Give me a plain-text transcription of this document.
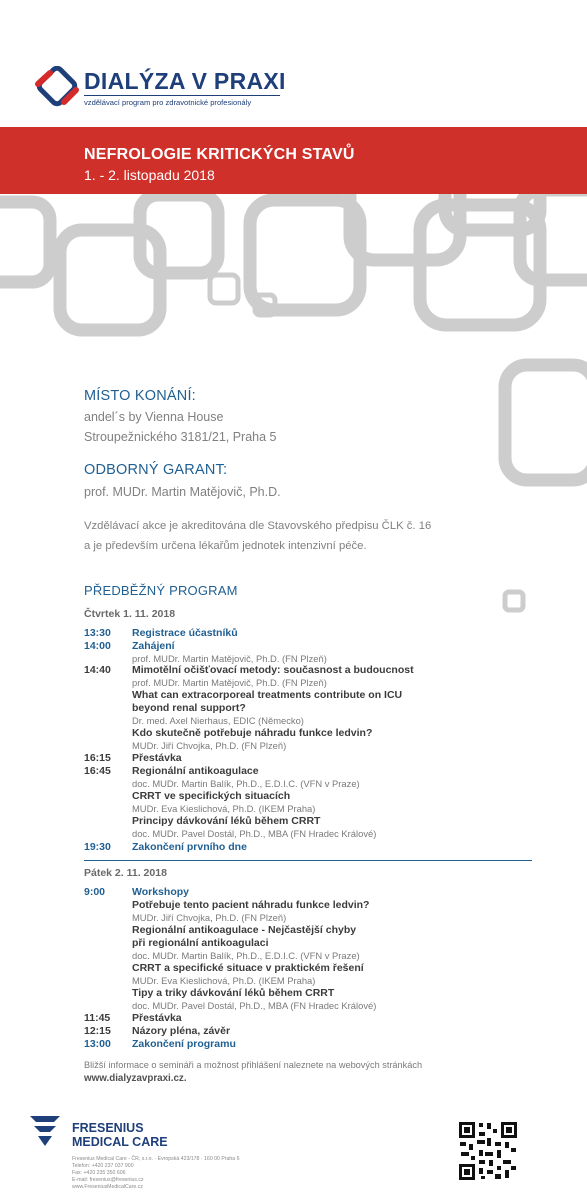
DIALÝZA V PRAXI
vzdělávací program pro zdravotnické profesionály
NEFROLOGIE KRITICKÝCH STAVŮ
1. - 2. listopadu 2018
MÍSTO KONÁNÍ:
andel´s by Vienna House
Stroupežnického 3181/21, Praha 5
ODBORNÝ GARANT:
prof. MUDr. Martin Matějovič, Ph.D.
Vzdělávací akce je akreditována dle Stavovského předpisu ČLK č. 16
a je především určena lékařům jednotek intenzivní péče.
PŘEDBĚŽNÝ PROGRAM
Čtvrtek 1. 11. 2018
13:30	Registrace účastníků
14:00	Zahájení
prof. MUDr. Martin Matějovič, Ph.D. (FN Plzeň)
14:40	Mimotělní očišťovací metody: současnost a budoucnost
prof. MUDr. Martin Matějovič, Ph.D. (FN Plzeň)
What can extracorporeal treatments contribute on ICU
beyond renal support?
Dr. med. Axel Nierhaus, EDIC (Německo)
Kdo skutečně potřebuje náhradu funkce ledvin?
MUDr. Jiří Chvojka, Ph.D. (FN Plzeň)
16:15	Přestávka
16:45	Regionální antikoagulace
doc. MUDr. Martin Balík, Ph.D., E.D.I.C. (VFN v Praze)
CRRT ve specifických situacích
MUDr. Eva Kieslichová, Ph.D. (IKEM Praha)
Principy dávkování léků během CRRT
doc. MUDr. Pavel Dostál, Ph.D., MBA (FN Hradec Králové)
19:30	Zakončení prvního dne
Pátek 2. 11. 2018
9:00	Workshopy
Potřebuje tento pacient náhradu funkce ledvin?
MUDr. Jiří Chvojka, Ph.D. (FN Plzeň)
Regionální antikoagulace - Nejčastější chyby
při regionální antikoagulaci
doc. MUDr. Martin Balík, Ph.D., E.D.I.C. (VFN v Praze)
CRRT a specifické situace v praktickém řešení
MUDr. Eva Kieslichová, Ph.D. (IKEM Praha)
Tipy a triky dávkování léků během CRRT
doc. MUDr. Pavel Dostál, Ph.D., MBA (FN Hradec Králové)
11:45	Přestávka
12:15	Názory pléna, závěr
13:00	Zakončení programu
Bližší informace o semináři a možnost přihlášení naleznete na webových stránkách
www.dialyzavpraxi.cz.
FRESENIUS
MEDICAL CARE
Fresenius Medical Care - ČR, s.r.o. · Evropská 423/178 · 160 00 Praha 6
Telefon: +420 237 037 900
Fax: +420 235 350 606
E-mail: fresenius@fresenius.cz
www.FreseniusMedicalCare.cz
